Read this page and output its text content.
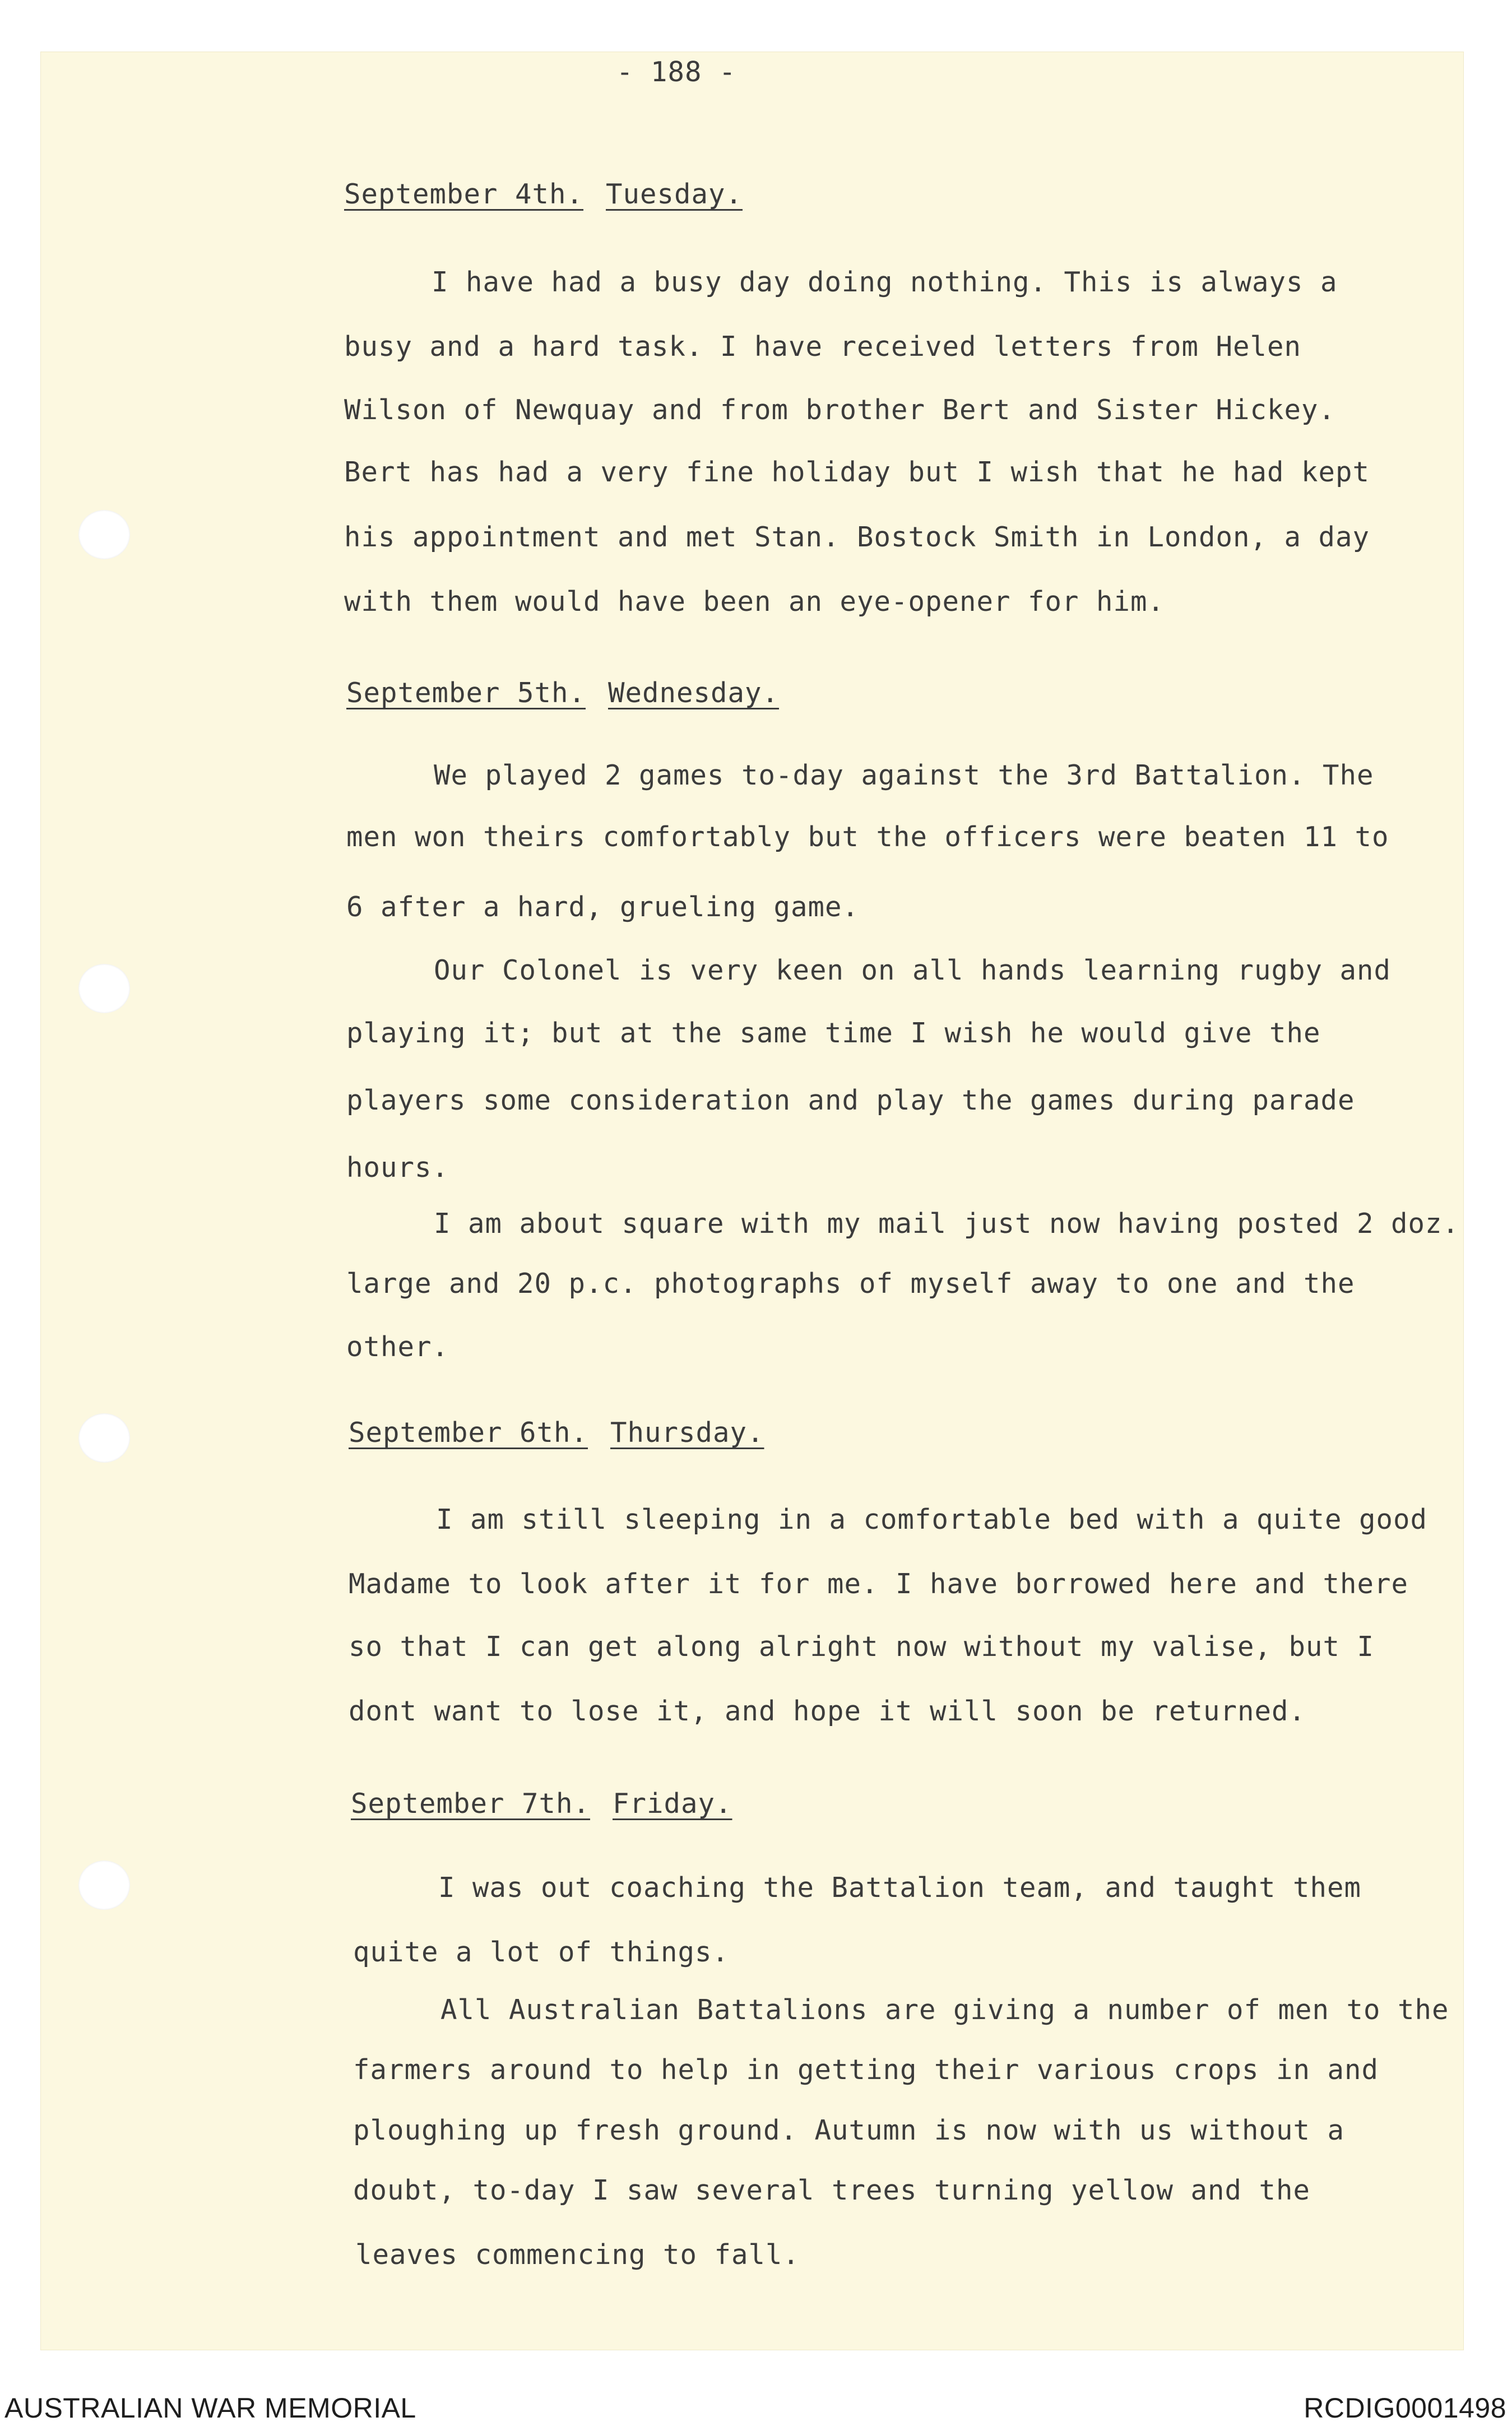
- 188 -
September 4th. Tuesday.
I have had a busy day doing nothing. This is always a
busy and a hard task. I have received letters from Helen
Wilson of Newquay and from brother Bert and Sister Hickey.
Bert has had a very fine holiday but I wish that he had kept
his appointment and met Stan. Bostock Smith in London, a day
with them would have been an eye-opener for him.
September 5th. Wednesday.
We played 2 games to-day against the 3rd Battalion. The
men won theirs comfortably but the officers were beaten 11 to
6 after a hard, grueling game.
Our Colonel is very keen on all hands learning rugby and
playing it; but at the same time I wish he would give the
players some consideration and play the games during parade
hours.
I am about square with my mail just now having posted 2 doz.
large and 20 p.c. photographs of myself away to one and the
other.
September 6th. Thursday.
I am still sleeping in a comfortable bed with a quite good
Madame to look after it for me. I have borrowed here and there
so that I can get along alright now without my valise, but I
dont want to lose it, and hope it will soon be returned.
September 7th. Friday.
I was out coaching the Battalion team, and taught them
quite a lot of things.
All Australian Battalions are giving a number of men to the
farmers around to help in getting their various crops in and
ploughing up fresh ground. Autumn is now with us without a
doubt, to-day I saw several trees turning yellow and the
leaves commencing to fall.
AUSTRALIAN WAR MEMORIAL	RCDIG0001498
